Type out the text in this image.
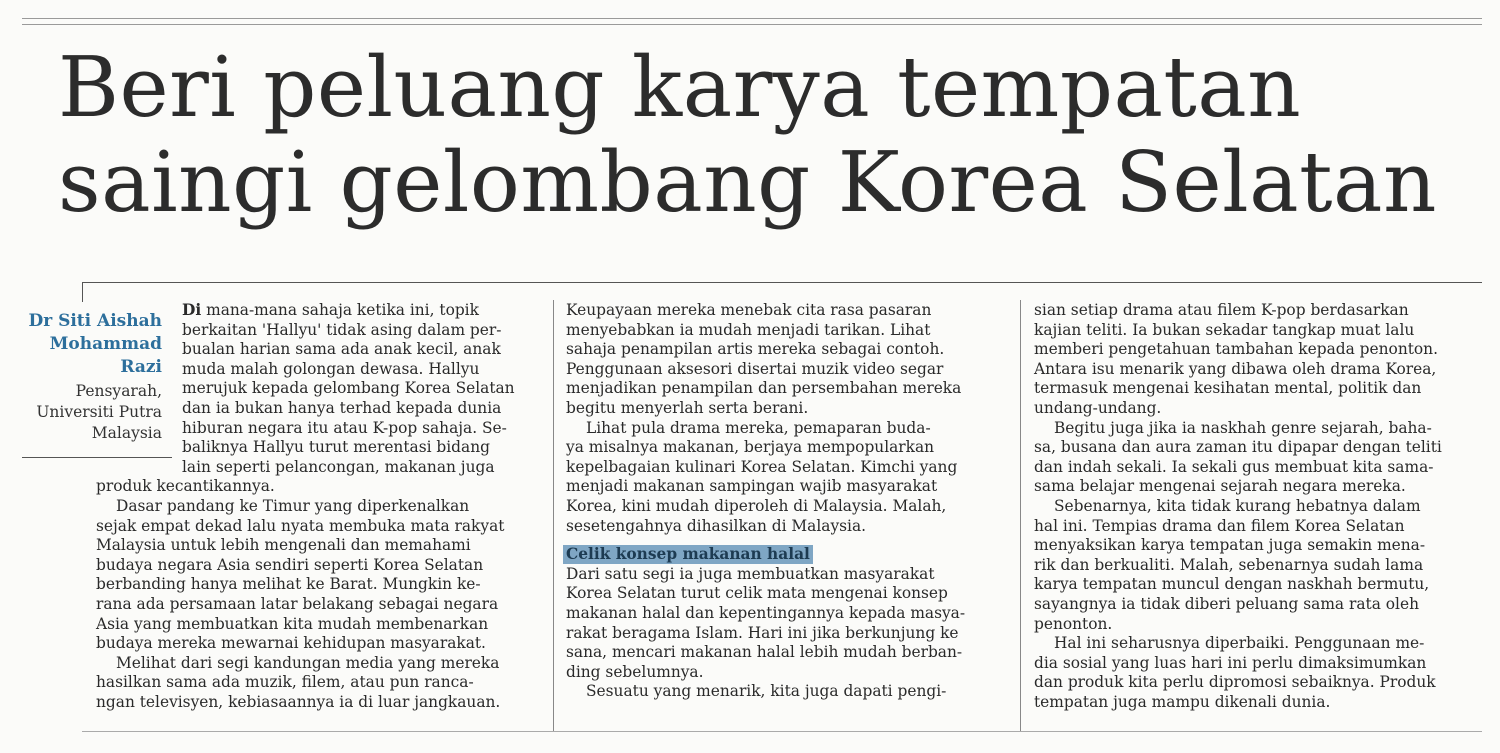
Beri peluang karya tempatan
saingi gelombang Korea Selatan
Dr Siti Aishah
Mohammad
Razi
Pensyarah,
Universiti Putra
Malaysia
Di mana-mana sahaja ketika ini, topik
berkaitan 'Hallyu' tidak asing dalam per-
bualan harian sama ada anak kecil, anak
muda malah golongan dewasa. Hallyu
merujuk kepada gelombang Korea Selatan
dan ia bukan hanya terhad kepada dunia
hiburan negara itu atau K-pop sahaja. Se-
baliknya Hallyu turut merentasi bidang
lain seperti pelancongan, makanan juga
produk kecantikannya.
Dasar pandang ke Timur yang diperkenalkan
sejak empat dekad lalu nyata membuka mata rakyat
Malaysia untuk lebih mengenali dan memahami
budaya negara Asia sendiri seperti Korea Selatan
berbanding hanya melihat ke Barat. Mungkin ke-
rana ada persamaan latar belakang sebagai negara
Asia yang membuatkan kita mudah membenarkan
budaya mereka mewarnai kehidupan masyarakat.
Melihat dari segi kandungan media yang mereka
hasilkan sama ada muzik, filem, atau pun ranca-
ngan televisyen, kebiasaannya ia di luar jangkauan.
Keupayaan mereka menebak cita rasa pasaran
menyebabkan ia mudah menjadi tarikan. Lihat
sahaja penampilan artis mereka sebagai contoh.
Penggunaan aksesori disertai muzik video segar
menjadikan penampilan dan persembahan mereka
begitu menyerlah serta berani.
Lihat pula drama mereka, pemaparan buda-
ya misalnya makanan, berjaya mempopularkan
kepelbagaian kulinari Korea Selatan. Kimchi yang
menjadi makanan sampingan wajib masyarakat
Korea, kini mudah diperoleh di Malaysia. Malah,
sesetengahnya dihasilkan di Malaysia.
Celik konsep makanan halal
Dari satu segi ia juga membuatkan masyarakat
Korea Selatan turut celik mata mengenai konsep
makanan halal dan kepentingannya kepada masya-
rakat beragama Islam. Hari ini jika berkunjung ke
sana, mencari makanan halal lebih mudah berban-
ding sebelumnya.
Sesuatu yang menarik, kita juga dapati pengi-
sian setiap drama atau filem K-pop berdasarkan
kajian teliti. Ia bukan sekadar tangkap muat lalu
memberi pengetahuan tambahan kepada penonton.
Antara isu menarik yang dibawa oleh drama Korea,
termasuk mengenai kesihatan mental, politik dan
undang-undang.
Begitu juga jika ia naskhah genre sejarah, baha-
sa, busana dan aura zaman itu dipapar dengan teliti
dan indah sekali. Ia sekali gus membuat kita sama-
sama belajar mengenai sejarah negara mereka.
Sebenarnya, kita tidak kurang hebatnya dalam
hal ini. Tempias drama dan filem Korea Selatan
menyaksikan karya tempatan juga semakin mena-
rik dan berkualiti. Malah, sebenarnya sudah lama
karya tempatan muncul dengan naskhah bermutu,
sayangnya ia tidak diberi peluang sama rata oleh
penonton.
Hal ini seharusnya diperbaiki. Penggunaan me-
dia sosial yang luas hari ini perlu dimaksimumkan
dan produk kita perlu dipromosi sebaiknya. Produk
tempatan juga mampu dikenali dunia.
